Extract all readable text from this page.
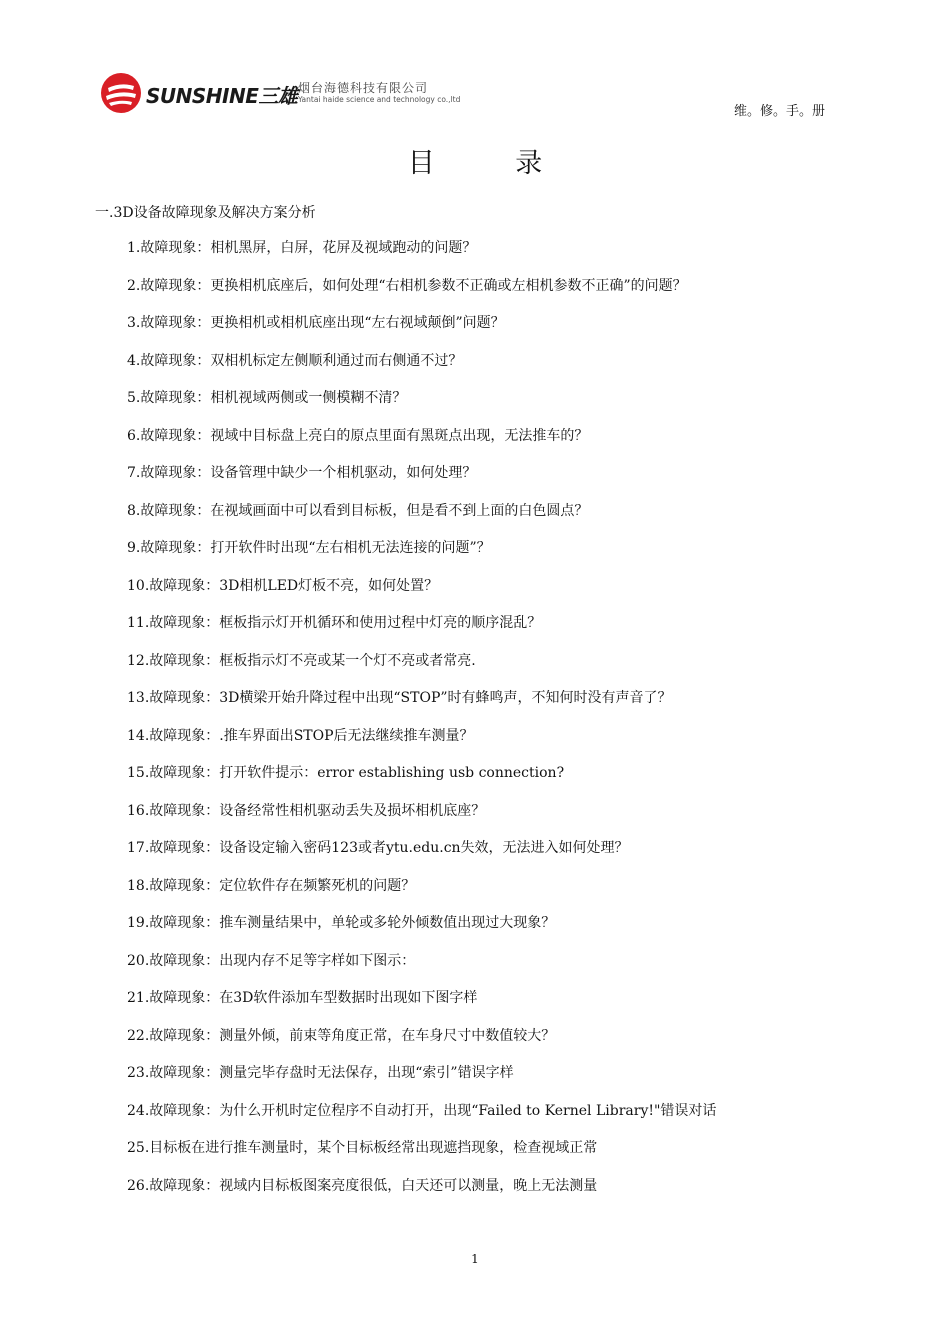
SUNSHINE三雄 烟台海德科技有限公司
Yantai haide science and technology co.,ltd
维。修。手。册
目 录
一.3D设备故障现象及解决方案分析
1.故障现象：相机黑屏，白屏，花屏及视域跑动的问题？
2.故障现象：更换相机底座后，如何处理“右相机参数不正确或左相机参数不正确”的问题？
3.故障现象：更换相机或相机底座出现“左右视域颠倒”问题？
4.故障现象：双相机标定左侧顺利通过而右侧通不过？
5.故障现象：相机视域两侧或一侧模糊不清？
6.故障现象：视域中目标盘上亮白的原点里面有黑斑点出现，无法推车的？
7.故障现象：设备管理中缺少一个相机驱动，如何处理？
8.故障现象：在视域画面中可以看到目标板，但是看不到上面的白色圆点？
9.故障现象：打开软件时出现“左右相机无法连接的问题”？
10.故障现象：3D相机LED灯板不亮，如何处置？
11.故障现象：框板指示灯开机循环和使用过程中灯亮的顺序混乱？
12.故障现象：框板指示灯不亮或某一个灯不亮或者常亮.
13.故障现象：3D横梁开始升降过程中出现“STOP”时有蜂鸣声，不知何时没有声音了？
14.故障现象：.推车界面出STOP后无法继续推车测量？
15.故障现象：打开软件提示：error establishing usb connection?
16.故障现象：设备经常性相机驱动丢失及损坏相机底座？
17.故障现象：设备设定输入密码123或者ytu.edu.cn失效，无法进入如何处理？
18.故障现象：定位软件存在频繁死机的问题？
19.故障现象：推车测量结果中，单轮或多轮外倾数值出现过大现象？
20.故障现象：出现内存不足等字样如下图示：
21.故障现象：在3D软件添加车型数据时出现如下图字样
22.故障现象：测量外倾，前束等角度正常，在车身尺寸中数值较大？
23.故障现象：测量完毕存盘时无法保存，出现“索引”错误字样
24.故障现象：为什么开机时定位程序不自动打开，出现“Failed to Kernel Library!"错误对话
25.目标板在进行推车测量时，某个目标板经常出现遮挡现象，检查视域正常
26.故障现象：视域内目标板图案亮度很低，白天还可以测量，晚上无法测量
1
